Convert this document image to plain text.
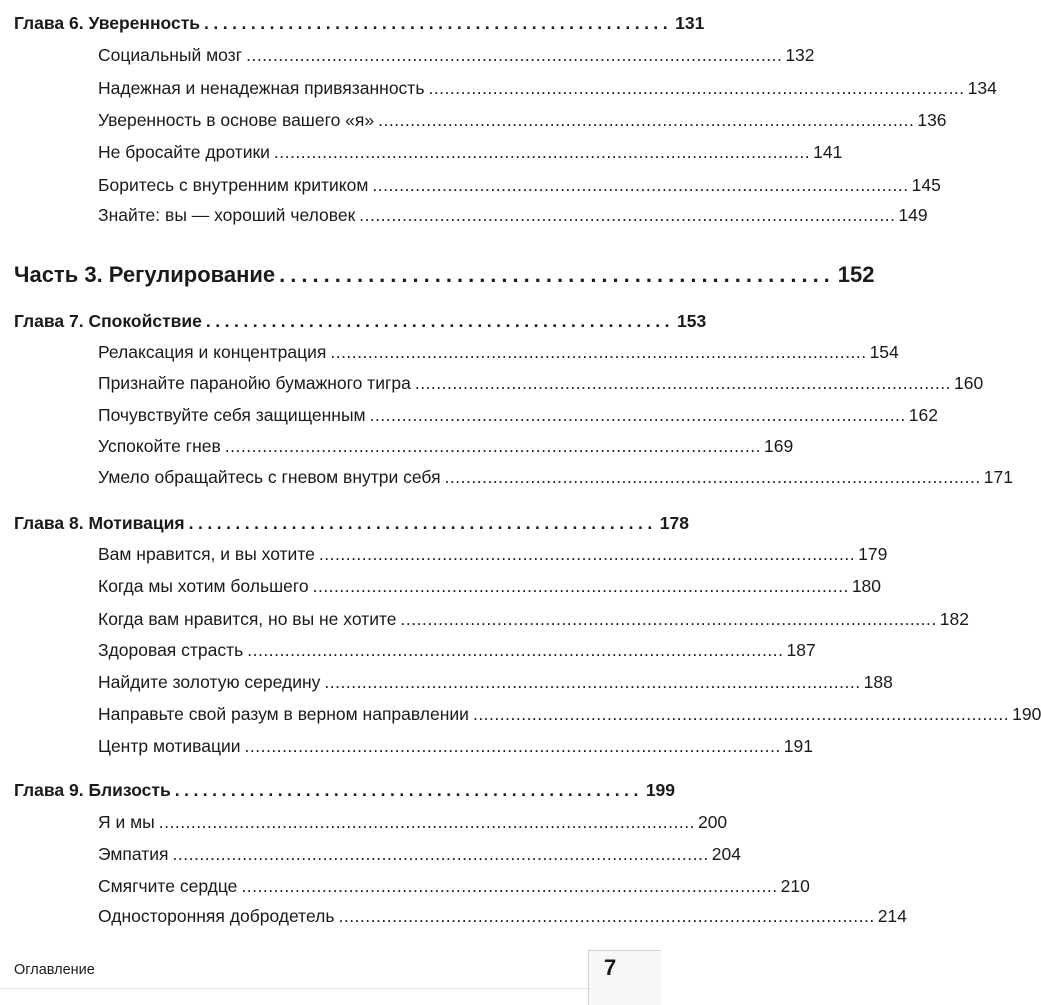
Глава 6. Уверенность .................................................. 131
Социальный мозг .................................................................................................... 132
Надежная и ненадежная привязанность .................................................................................................... 134
Уверенность в основе вашего «я» .................................................................................................... 136
Не бросайте дротики .................................................................................................... 141
Боритесь с внутренним критиком .................................................................................................... 145
Знайте: вы — хороший человек .................................................................................................... 149
Часть 3. Регулирование .................................................. 152
Глава 7. Спокойствие .................................................. 153
Релаксация и концентрация .................................................................................................... 154
Признайте паранойю бумажного тигра .................................................................................................... 160
Почувствуйте себя защищенным .................................................................................................... 162
Успокойте гнев .................................................................................................... 169
Умело обращайтесь с гневом внутри себя .................................................................................................... 171
Глава 8. Мотивация .................................................. 178
Вам нравится, и вы хотите .................................................................................................... 179
Когда мы хотим большего .................................................................................................... 180
Когда вам нравится, но вы не хотите .................................................................................................... 182
Здоровая страсть .................................................................................................... 187
Найдите золотую середину .................................................................................................... 188
Направьте свой разум в верном направлении .................................................................................................... 190
Центр мотивации .................................................................................................... 191
Глава 9. Близость .................................................. 199
Я и мы .................................................................................................... 200
Эмпатия .................................................................................................... 204
Смягчите сердце .................................................................................................... 210
Односторонняя добродетель .................................................................................................... 214
Оглавление	7
